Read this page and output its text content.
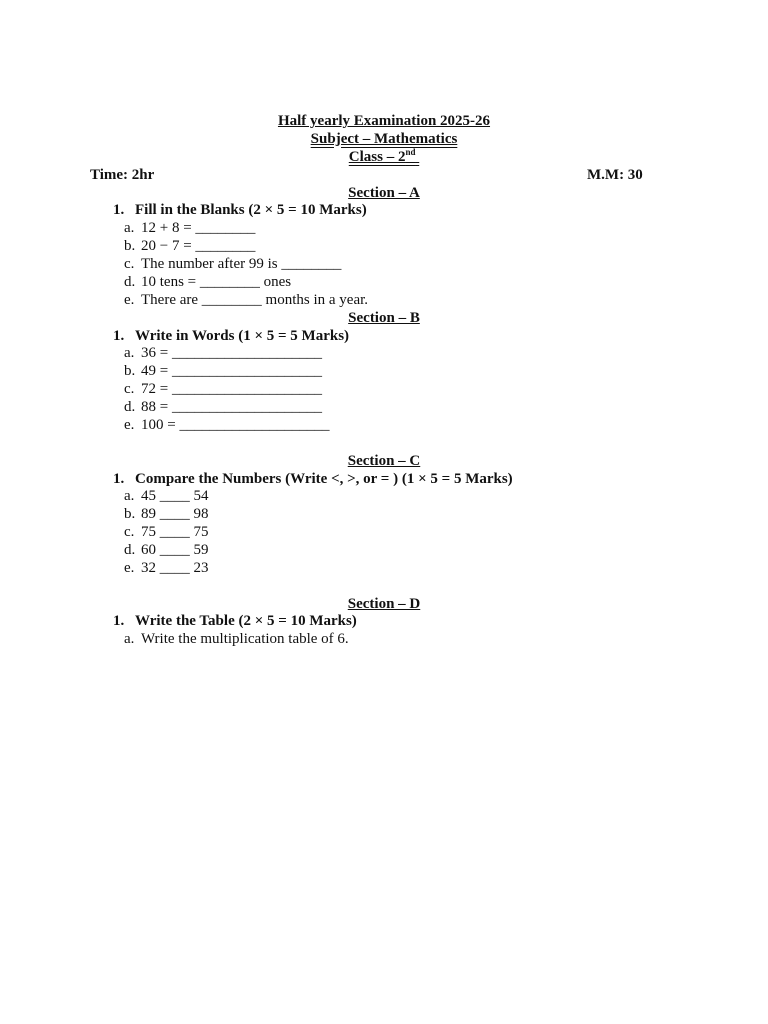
Half yearly Examination 2025-26
Subject – Mathematics
Class – 2nd
Time: 2hr	M.M: 30
Section – A
1. Fill in the Blanks (2 × 5 = 10 Marks)
a. 12 + 8 = ________
b. 20 − 7 = ________
c. The number after 99 is ________
d. 10 tens = ________ ones
e. There are ________ months in a year.
Section – B
1. Write in Words (1 × 5 = 5 Marks)
a. 36 = ____________________
b. 49 = ____________________
c. 72 = ____________________
d. 88 = ____________________
e. 100 = ____________________
Section – C
1. Compare the Numbers (Write <, >, or = ) (1 × 5 = 5 Marks)
a. 45 ____ 54
b. 89 ____ 98
c. 75 ____ 75
d. 60 ____ 59
e. 32 ____ 23
Section – D
1. Write the Table (2 × 5 = 10 Marks)
a. Write the multiplication table of 6.
